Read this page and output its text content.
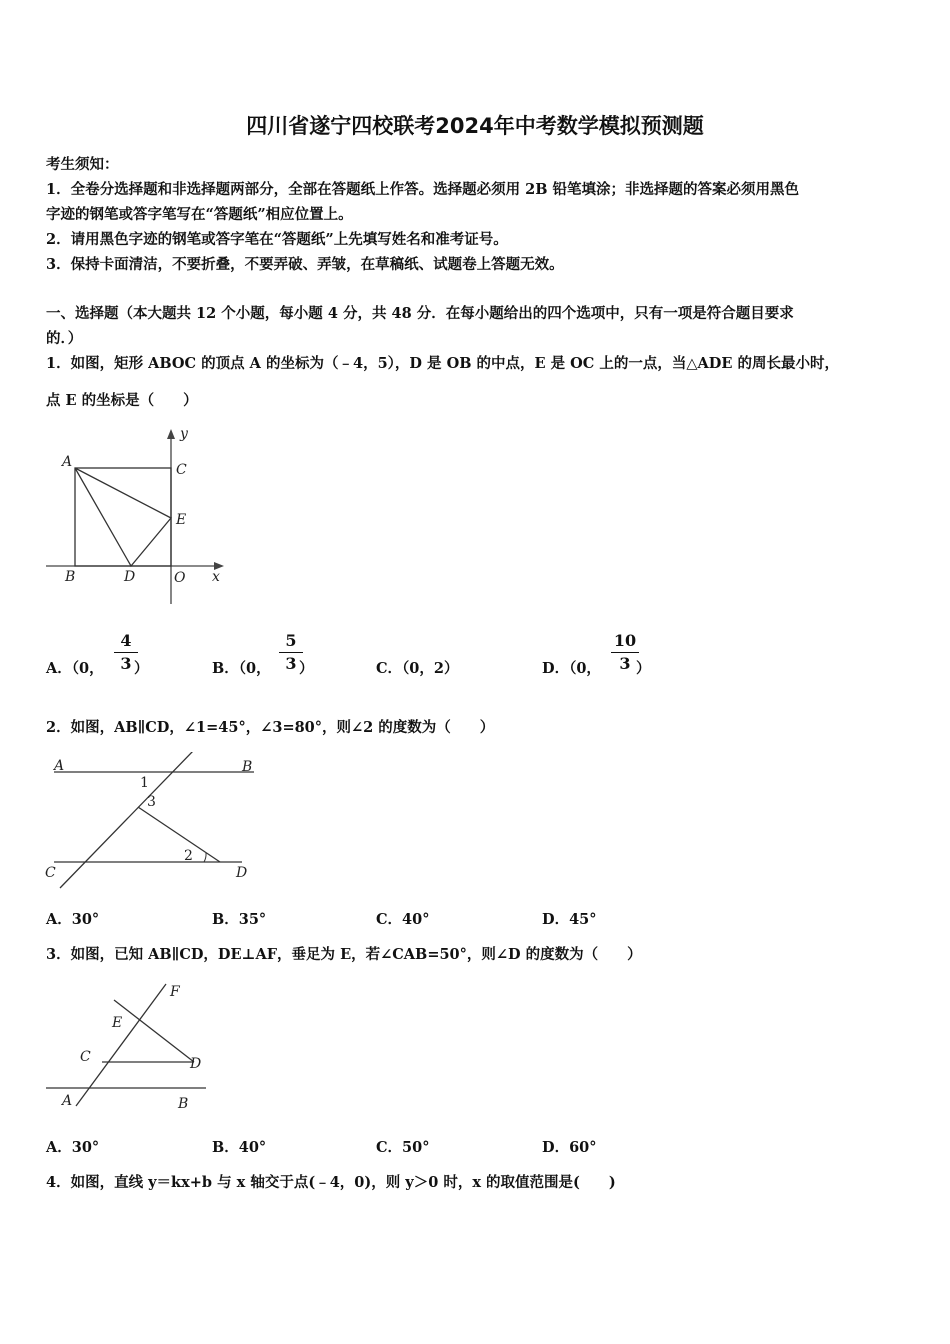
四川省遂宁四校联考2024年中考数学模拟预测题
考生须知：
1．全卷分选择题和非选择题两部分，全部在答题纸上作答。选择题必须用 2B 铅笔填涂；非选择题的答案必须用黑色
字迹的钢笔或答字笔写在“答题纸”相应位置上。
2．请用黑色字迹的钢笔或答字笔在“答题纸”上先填写姓名和准考证号。
3．保持卡面清洁，不要折叠，不要弄破、弄皱，在草稿纸、试题卷上答题无效。
一、选择题（本大题共 12 个小题，每小题 4 分，共 48 分．在每小题给出的四个选项中，只有一项是符合题目要求
的．）
1．如图，矩形 ABOC 的顶点 A 的坐标为（﹣4，5），D 是 OB 的中点，E 是 OC 上的一点，当△ADE 的周长最小时，
点 E 的坐标是（　　）
A	C
E
B	D	O x
y
A．（0， $\frac{4}{3}$
）	B．（0， $\frac{5}{3}$
）	C．（0，2）	D．（0， $\frac{10}{3}$
）
2．如图，AB∥CD，∠1=45°，∠3=80°，则∠2 的度数为（　　）
A	B
C	D
1
3
2
A．30°	B．35°	C．40°	D．45°
3．如图，已知 AB∥CD，DE⊥AF，垂足为 E，若∠CAB=50°，则∠D 的度数为（　　）
F
E
C	D
A	B
A．30°	B．40°	C．50°	D．60°
4．如图，直线 y＝kx+b 与 x 轴交于点(﹣4，0)，则 y＞0 时，x 的取值范围是(　　)
